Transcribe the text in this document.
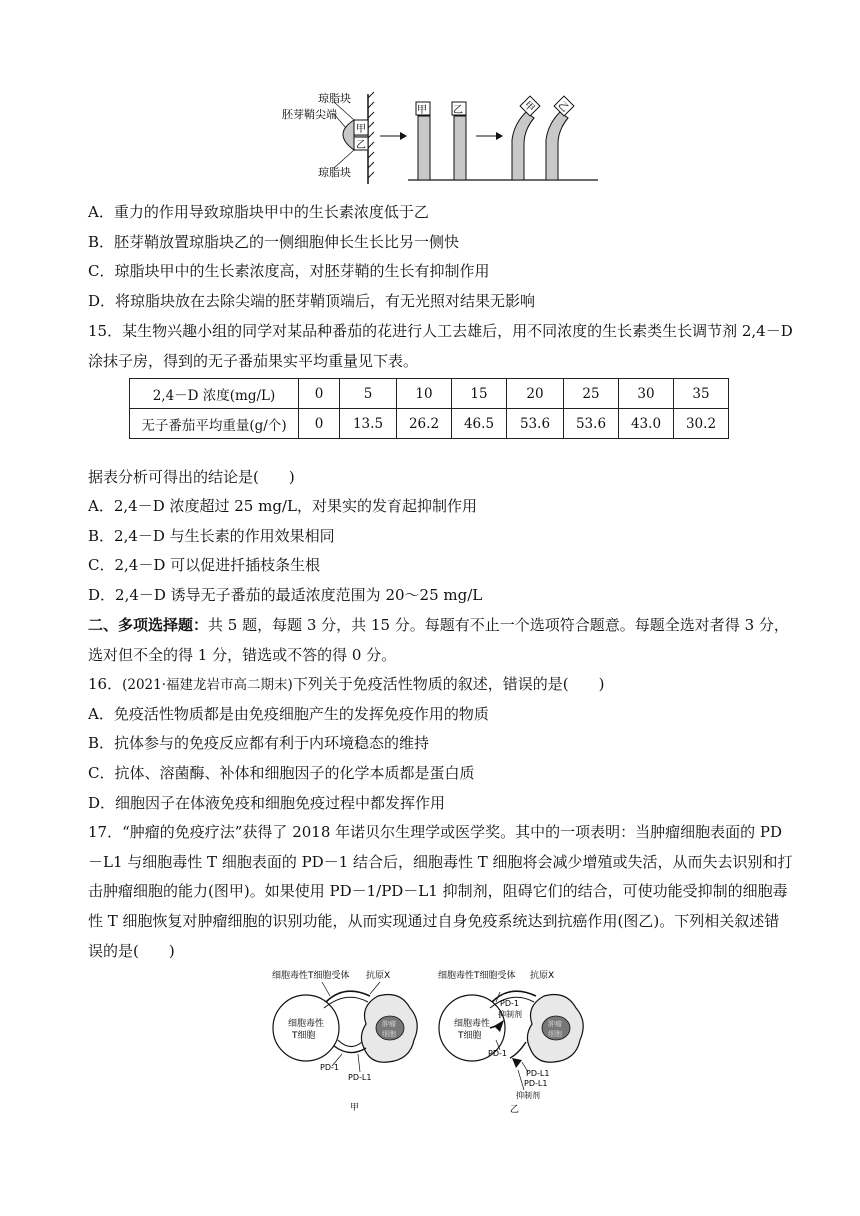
甲
乙
琼脂块
胚芽鞘尖端
琼脂块
甲	乙	甲 乙
A．重力的作用导致琼脂块甲中的生长素浓度低于乙
B．胚芽鞘放置琼脂块乙的一侧细胞伸长生长比另一侧快
C．琼脂块甲中的生长素浓度高，对胚芽鞘的生长有抑制作用
D．将琼脂块放在去除尖端的胚芽鞘顶端后，有无光照对结果无影响
15．某生物兴趣小组的同学对某品种番茄的花进行人工去雄后，用不同浓度的生长素类生长调节剂 2,4－D
涂抹子房，得到的无子番茄果实平均重量见下表。
2,4－D 浓度(mg/L)	0	5	10	15	20	25	30	35
无子番茄平均重量(g/个)	0	13.5	26.2	46.5	53.6	53.6	43.0	30.2
据表分析可得出的结论是(　　)
A．2,4－D 浓度超过 25 mg/L，对果实的发育起抑制作用
B．2,4－D 与生长素的作用效果相同
C．2,4－D 可以促进扦插枝条生根
D．2,4－D 诱导无子番茄的最适浓度范围为 20～25 mg/L
二、多项选择题：共 5 题，每题 3 分，共 15 分。每题有不止一个选项符合题意。每题全选对者得 3 分，
选对但不全的得 1 分，错选或不答的得 0 分。
16．(2021·福建龙岩市高二期末)下列关于免疫活性物质的叙述，错误的是(　　)
A．免疫活性物质都是由免疫细胞产生的发挥免疫作用的物质
B．抗体参与的免疫反应都有利于内环境稳态的维持
C．抗体、溶菌酶、补体和细胞因子的化学本质都是蛋白质
D．细胞因子在体液免疫和细胞免疫过程中都发挥作用
17．“肿瘤的免疫疗法”获得了 2018 年诺贝尔生理学或医学奖。其中的一项表明：当肿瘤细胞表面的 PD
－L1 与细胞毒性 T 细胞表面的 PD－1 结合后，细胞毒性 T 细胞将会减少增殖或失活，从而失去识别和打
击肿瘤细胞的能力(图甲)。如果使用 PD－1/PD－L1 抑制剂，阻碍它们的结合，可使功能受抑制的细胞毒
性 T 细胞恢复对肿瘤细胞的识别功能，从而实现通过自身免疫系统达到抗癌作用(图乙)。下列相关叙述错
误的是(　　)
细胞毒性T细胞受体 抗原X
细胞毒性
T细胞
肿瘤
细胞
PD-1
PD-L1
甲
细胞毒性T细胞受体 抗原X
细胞毒性
T细胞
肿瘤
细胞
PD-1
抑制剂
PD-1
PD-L1
PD-L1
抑制剂
乙
